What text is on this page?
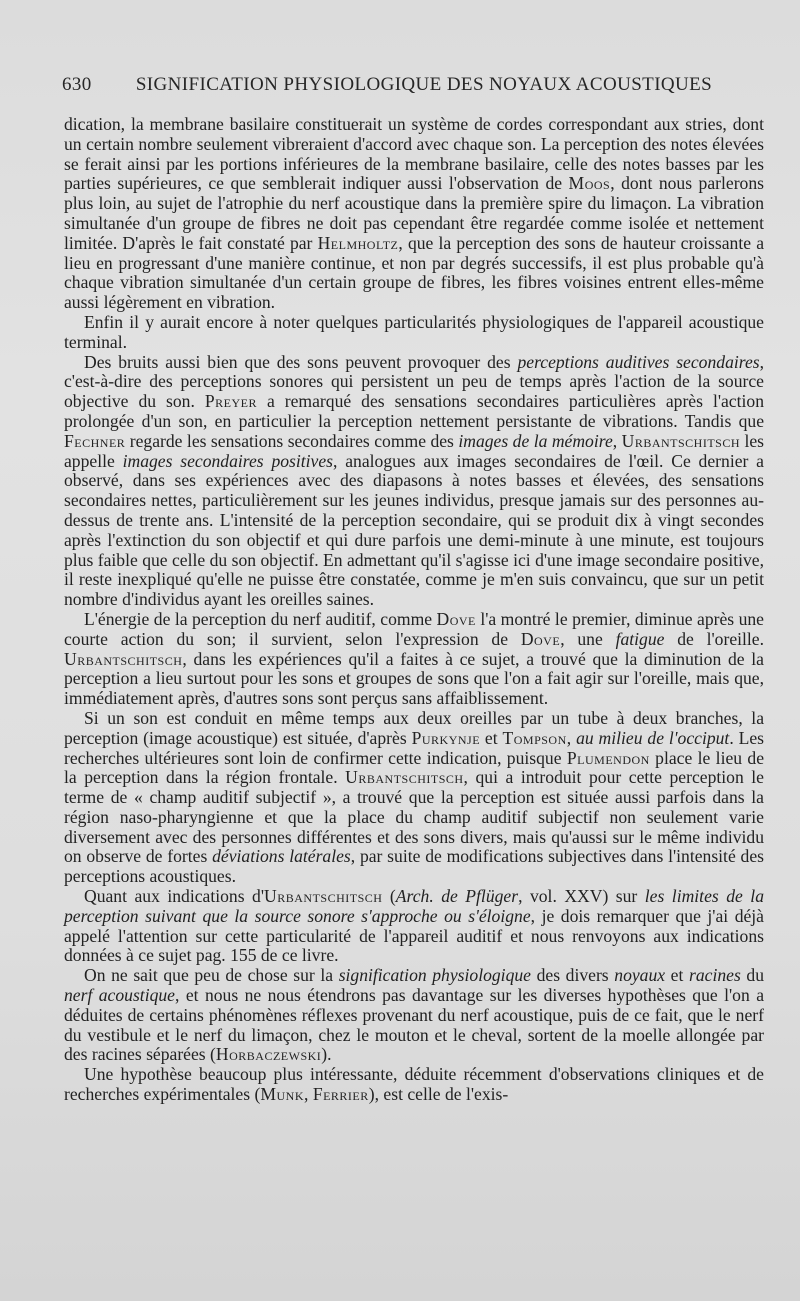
630	SIGNIFICATION PHYSIOLOGIQUE DES NOYAUX ACOUSTIQUES

dication, la membrane basilaire constituerait un système de cordes correspondant aux stries, dont un certain nombre seulement vibreraient d'accord avec chaque son. La perception des notes élevées se ferait ainsi par les portions inférieures de la membrane basilaire, celle des notes basses par les parties supérieures, ce que semblerait indiquer aussi l'observation de Moos, dont nous parlerons plus loin, au sujet de l'atrophie du nerf acoustique dans la première spire du limaçon. La vibration simultanée d'un groupe de fibres ne doit pas cependant être regardée comme isolée et nettement limitée. D'après le fait constaté par Helmholtz, que la perception des sons de hauteur croissante a lieu en progressant d'une manière continue, et non par degrés successifs, il est plus probable qu'à chaque vibration simultanée d'un certain groupe de fibres, les fibres voisines entrent elles-même aussi légèrement en vibration.

Enfin il y aurait encore à noter quelques particularités physiologiques de l'appareil acoustique terminal.

Des bruits aussi bien que des sons peuvent provoquer des perceptions auditives secondaires, c'est-à-dire des perceptions sonores qui persistent un peu de temps après l'action de la source objective du son. Preyer a remarqué des sensations secondaires particulières après l'action prolongée d'un son, en particulier la perception nettement persistante de vibrations. Tandis que Fechner regarde les sensations secondaires comme des images de la mémoire, Urbantschitsch les appelle images secondaires positives, analogues aux images secondaires de l'œil. Ce dernier a observé, dans ses expériences avec des diapasons à notes basses et élevées, des sensations secondaires nettes, particulièrement sur les jeunes individus, presque jamais sur des personnes au-dessus de trente ans. L'intensité de la perception secondaire, qui se produit dix à vingt secondes après l'extinction du son objectif et qui dure parfois une demi-minute à une minute, est toujours plus faible que celle du son objectif. En admettant qu'il s'agisse ici d'une image secondaire positive, il reste inexpliqué qu'elle ne puisse être constatée, comme je m'en suis convaincu, que sur un petit nombre d'individus ayant les oreilles saines.

L'énergie de la perception du nerf auditif, comme Dove l'a montré le premier, diminue après une courte action du son; il survient, selon l'expression de Dove, une fatigue de l'oreille. Urbantschitsch, dans les expériences qu'il a faites à ce sujet, a trouvé que la diminution de la perception a lieu surtout pour les sons et groupes de sons que l'on a fait agir sur l'oreille, mais que, immédiatement après, d'autres sons sont perçus sans affaiblissement.

Si un son est conduit en même temps aux deux oreilles par un tube à deux branches, la perception (image acoustique) est située, d'après Purkynje et Tompson, au milieu de l'occiput. Les recherches ultérieures sont loin de confirmer cette indication, puisque Plumendon place le lieu de la perception dans la région frontale. Urbantschitsch, qui a introduit pour cette perception le terme de « champ auditif subjectif », a trouvé que la perception est située aussi parfois dans la région naso-pharyngienne et que la place du champ auditif subjectif non seulement varie diversement avec des personnes différentes et des sons divers, mais qu'aussi sur le même individu on observe de fortes déviations latérales, par suite de modifications subjectives dans l'intensité des perceptions acoustiques.

Quant aux indications d'Urbantschitsch (Arch. de Pflüger, vol. XXV) sur les limites de la perception suivant que la source sonore s'approche ou s'éloigne, je dois remarquer que j'ai déjà appelé l'attention sur cette particularité de l'appareil auditif et nous renvoyons aux indications données à ce sujet pag. 155 de ce livre.

On ne sait que peu de chose sur la signification physiologique des divers noyaux et racines du nerf acoustique, et nous ne nous étendrons pas davantage sur les diverses hypothèses que l'on a déduites de certains phénomènes réflexes provenant du nerf acoustique, puis de ce fait, que le nerf du vestibule et le nerf du limaçon, chez le mouton et le cheval, sortent de la moelle allongée par des racines séparées (Horbaczewski).

Une hypothèse beaucoup plus intéressante, déduite récemment d'observations cliniques et de recherches expérimentales (Munk, Ferrier), est celle de l'exis-
